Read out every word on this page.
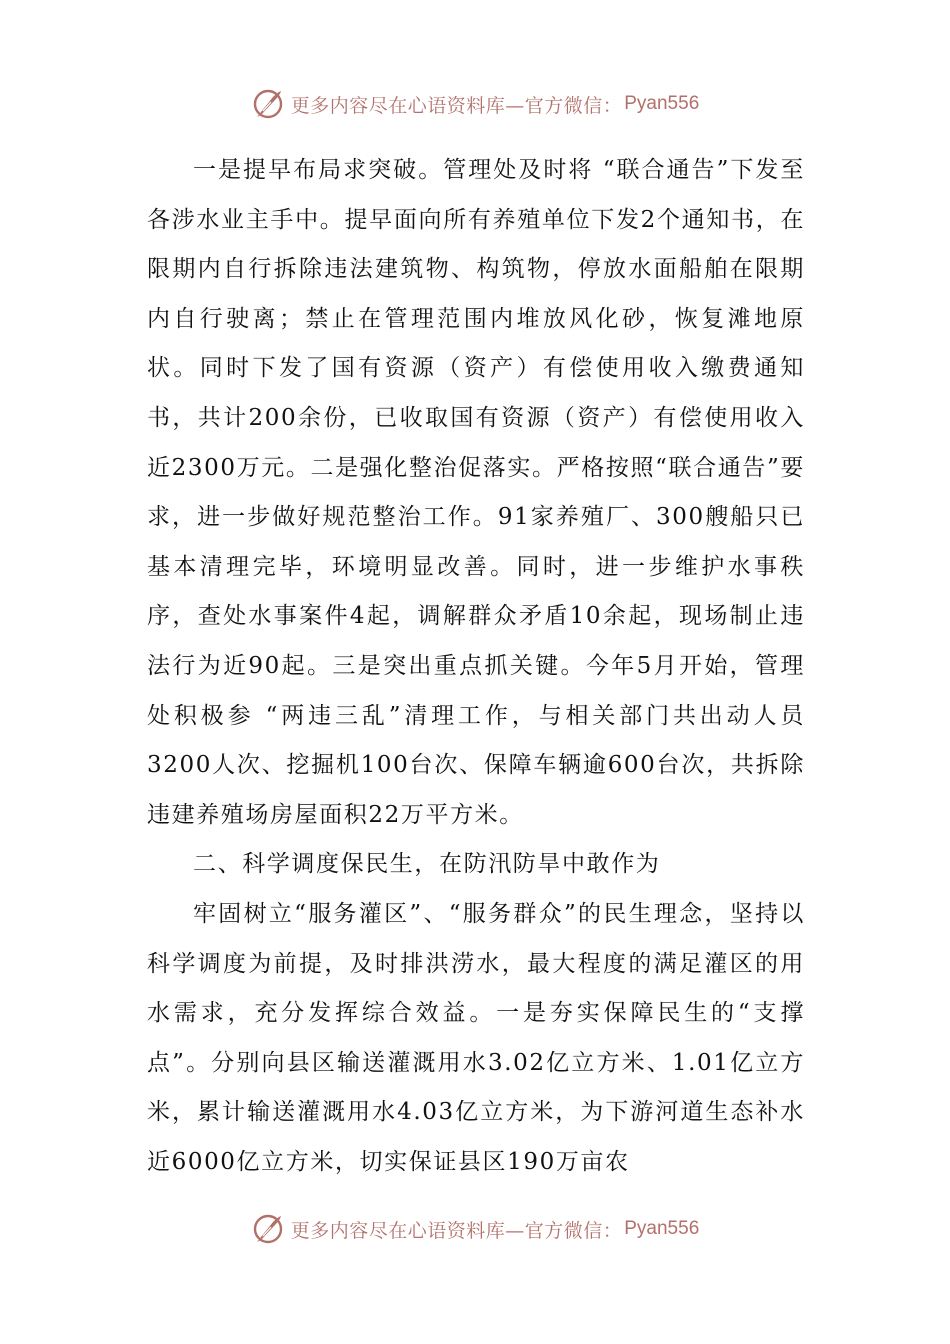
更多内容尽在心语资料库—官方微信： Pyan556

一是提早布局求突破。管理处及时将 “联合通告”下发至各涉水业主手中。提早面向所有养殖单位下发2个通知书，在限期内自行拆除违法建筑物、构筑物，停放水面船舶在限期内自行驶离；禁止在管理范围内堆放风化砂，恢复滩地原状。同时下发了国有资源（资产）有偿使用收入缴费通知书，共计200余份，已收取国有资源（资产）有偿使用收入近2300万元。二是强化整治促落实。严格按照“联合通告”要求，进一步做好规范整治工作。91家养殖厂、300艘船只已基本清理完毕，环境明显改善。同时，进一步维护水事秩序，查处水事案件4起，调解群众矛盾10余起，现场制止违法行为近90起。三是突出重点抓关键。今年5月开始，管理处积极参 “两违三乱”清理工作，与相关部门共出动人员3200人次、挖掘机100台次、保障车辆逾600台次，共拆除违建养殖场房屋面积22万平方米。

二、科学调度保民生，在防汛防旱中敢作为

牢固树立“服务灌区”、“服务群众”的民生理念，坚持以科学调度为前提，及时排洪涝水，最大程度的满足灌区的用水需求，充分发挥综合效益。一是夯实保障民生的“支撑点”。分别向县区输送灌溉用水3.02亿立方米、1.01亿立方米，累计输送灌溉用水4.03亿立方米，为下游河道生态补水近6000亿立方米，切实保证县区190万亩农

更多内容尽在心语资料库—官方微信： Pyan556
